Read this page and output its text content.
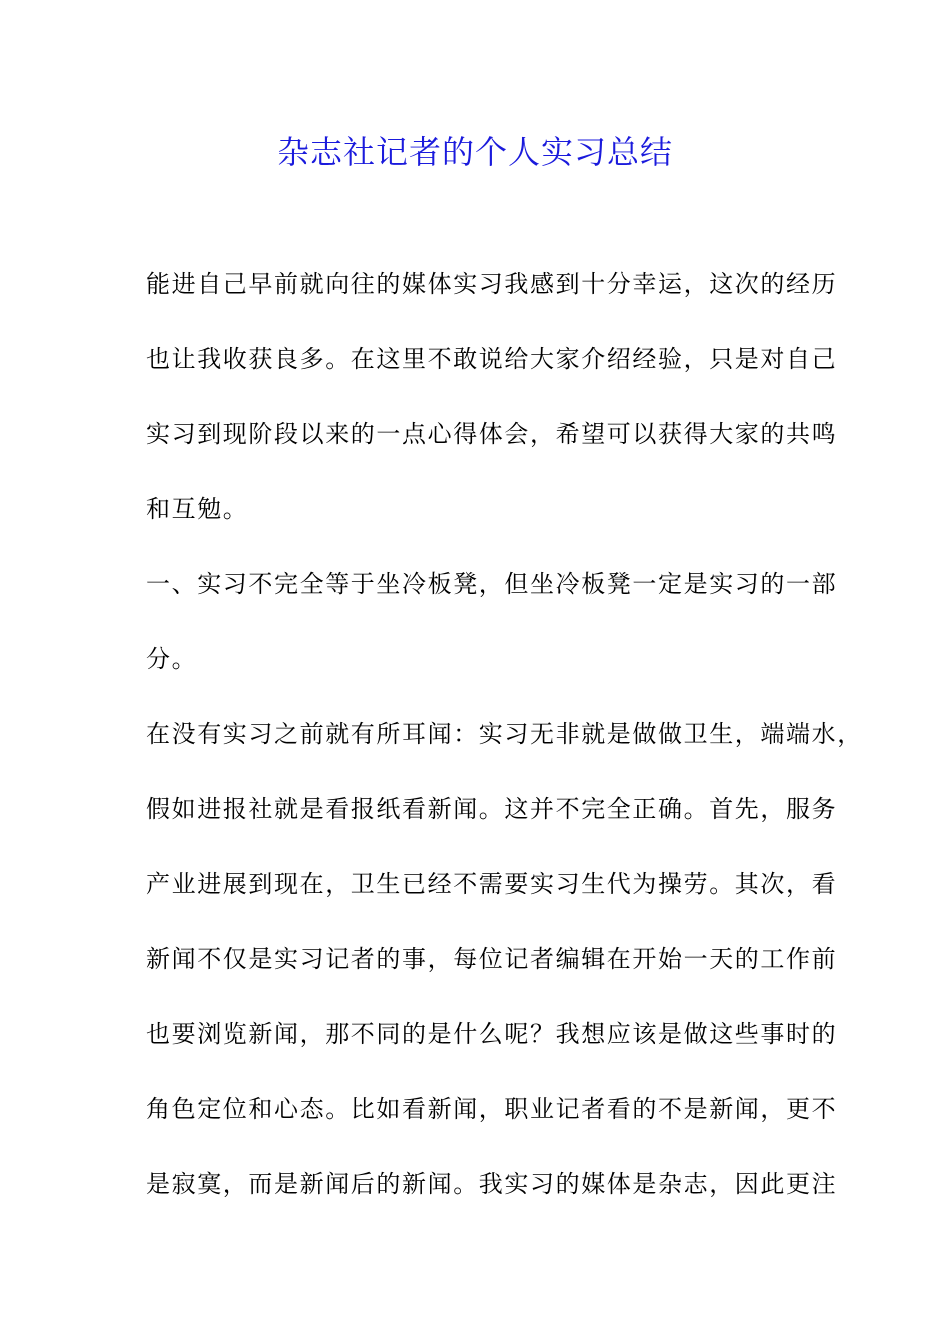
杂志社记者的个人实习总结

能进自己早前就向往的媒体实习我感到十分幸运，这次的经历

也让我收获良多。在这里不敢说给大家介绍经验，只是对自己

实习到现阶段以来的一点心得体会，希望可以获得大家的共鸣

和互勉。

一、实习不完全等于坐冷板凳，但坐冷板凳一定是实习的一部

分。

在没有实习之前就有所耳闻：实习无非就是做做卫生，端端水，

假如进报社就是看报纸看新闻。这并不完全正确。首先，服务

产业进展到现在，卫生已经不需要实习生代为操劳。其次，看

新闻不仅是实习记者的事，每位记者编辑在开始一天的工作前

也要浏览新闻，那不同的是什么呢？我想应该是做这些事时的

角色定位和心态。比如看新闻，职业记者看的不是新闻，更不

是寂寞，而是新闻后的新闻。我实习的媒体是杂志，因此更注
